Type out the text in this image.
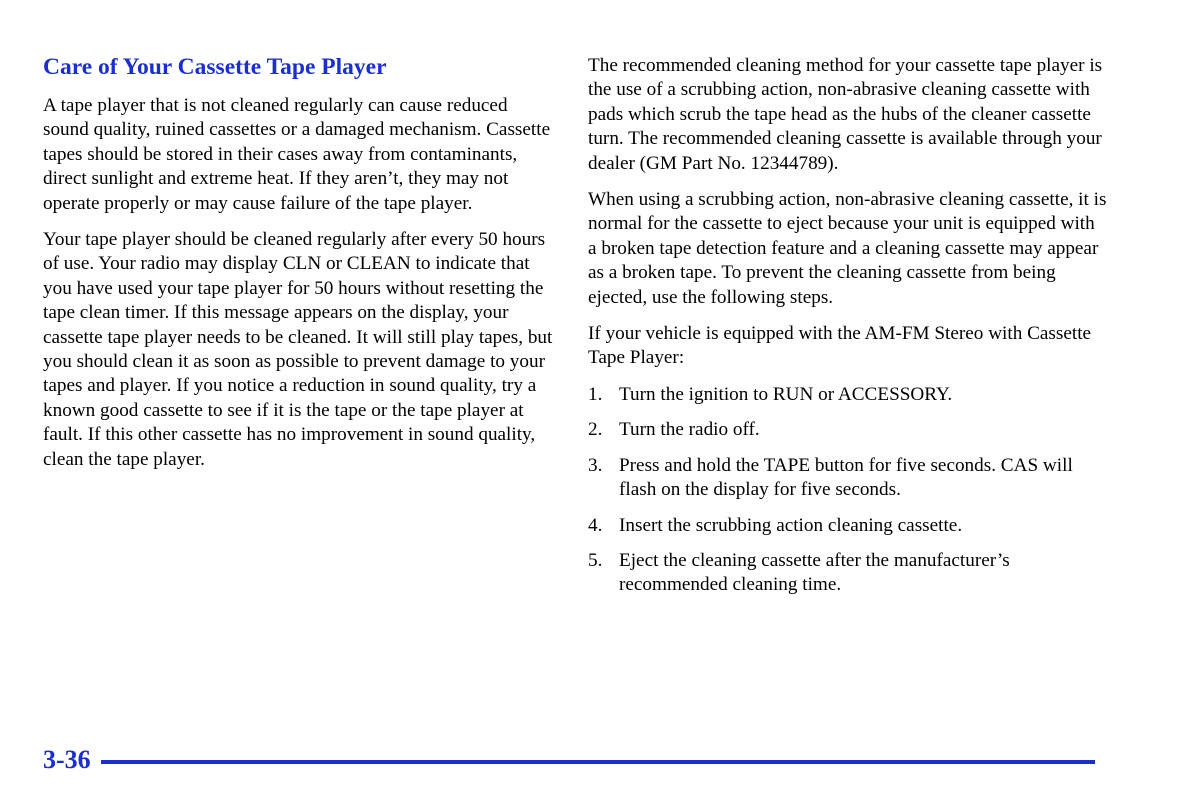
Care of Your Cassette Tape Player

A tape player that is not cleaned regularly can cause reduced sound quality, ruined cassettes or a damaged mechanism. Cassette tapes should be stored in their cases away from contaminants, direct sunlight and extreme heat. If they aren’t, they may not operate properly or may cause failure of the tape player.

Your tape player should be cleaned regularly after every 50 hours of use. Your radio may display CLN or CLEAN to indicate that you have used your tape player for 50 hours without resetting the tape clean timer. If this message appears on the display, your cassette tape player needs to be cleaned. It will still play tapes, but you should clean it as soon as possible to prevent damage to your tapes and player. If you notice a reduction in sound quality, try a known good cassette to see if it is the tape or the tape player at fault. If this other cassette has no improvement in sound quality, clean the tape player.

The recommended cleaning method for your cassette tape player is the use of a scrubbing action, non-abrasive cleaning cassette with pads which scrub the tape head as the hubs of the cleaner cassette turn. The recommended cleaning cassette is available through your dealer (GM Part No. 12344789).

When using a scrubbing action, non-abrasive cleaning cassette, it is normal for the cassette to eject because your unit is equipped with a broken tape detection feature and a cleaning cassette may appear as a broken tape. To prevent the cleaning cassette from being ejected, use the following steps.

If your vehicle is equipped with the AM-FM Stereo with Cassette Tape Player:

1. Turn the ignition to RUN or ACCESSORY.
2. Turn the radio off.
3. Press and hold the TAPE button for five seconds. CAS will flash on the display for five seconds.
4. Insert the scrubbing action cleaning cassette.
5. Eject the cleaning cassette after the manufacturer’s recommended cleaning time.
3-36
